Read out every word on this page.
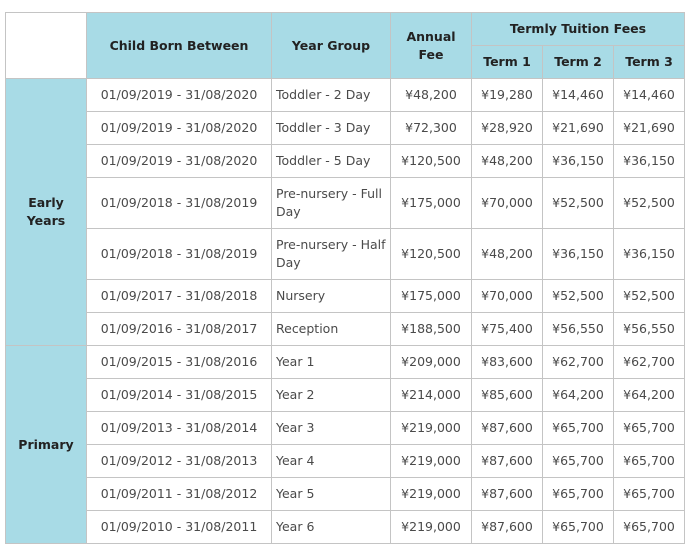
	Child Born Between	Year Group	Annual Fee	Termly Tuition Fees		
				Term 1	Term 2	Term 3
Early Years	01/09/2019 - 31/08/2020	Toddler - 2 Day	¥48,200	¥19,280	¥14,460	¥14,460
	01/09/2019 - 31/08/2020	Toddler - 3 Day	¥72,300	¥28,920	¥21,690	¥21,690
	01/09/2019 - 31/08/2020	Toddler - 5 Day	¥120,500	¥48,200	¥36,150	¥36,150
	01/09/2018 - 31/08/2019	Pre-nursery - Full Day	¥175,000	¥70,000	¥52,500	¥52,500
	01/09/2018 - 31/08/2019	Pre-nursery - Half Day	¥120,500	¥48,200	¥36,150	¥36,150
	01/09/2017 - 31/08/2018	Nursery	¥175,000	¥70,000	¥52,500	¥52,500
	01/09/2016 - 31/08/2017	Reception	¥188,500	¥75,400	¥56,550	¥56,550
Primary	01/09/2015 - 31/08/2016	Year 1	¥209,000	¥83,600	¥62,700	¥62,700
	01/09/2014 - 31/08/2015	Year 2	¥214,000	¥85,600	¥64,200	¥64,200
	01/09/2013 - 31/08/2014	Year 3	¥219,000	¥87,600	¥65,700	¥65,700
	01/09/2012 - 31/08/2013	Year 4	¥219,000	¥87,600	¥65,700	¥65,700
	01/09/2011 - 31/08/2012	Year 5	¥219,000	¥87,600	¥65,700	¥65,700
	01/09/2010 - 31/08/2011	Year 6	¥219,000	¥87,600	¥65,700	¥65,700
